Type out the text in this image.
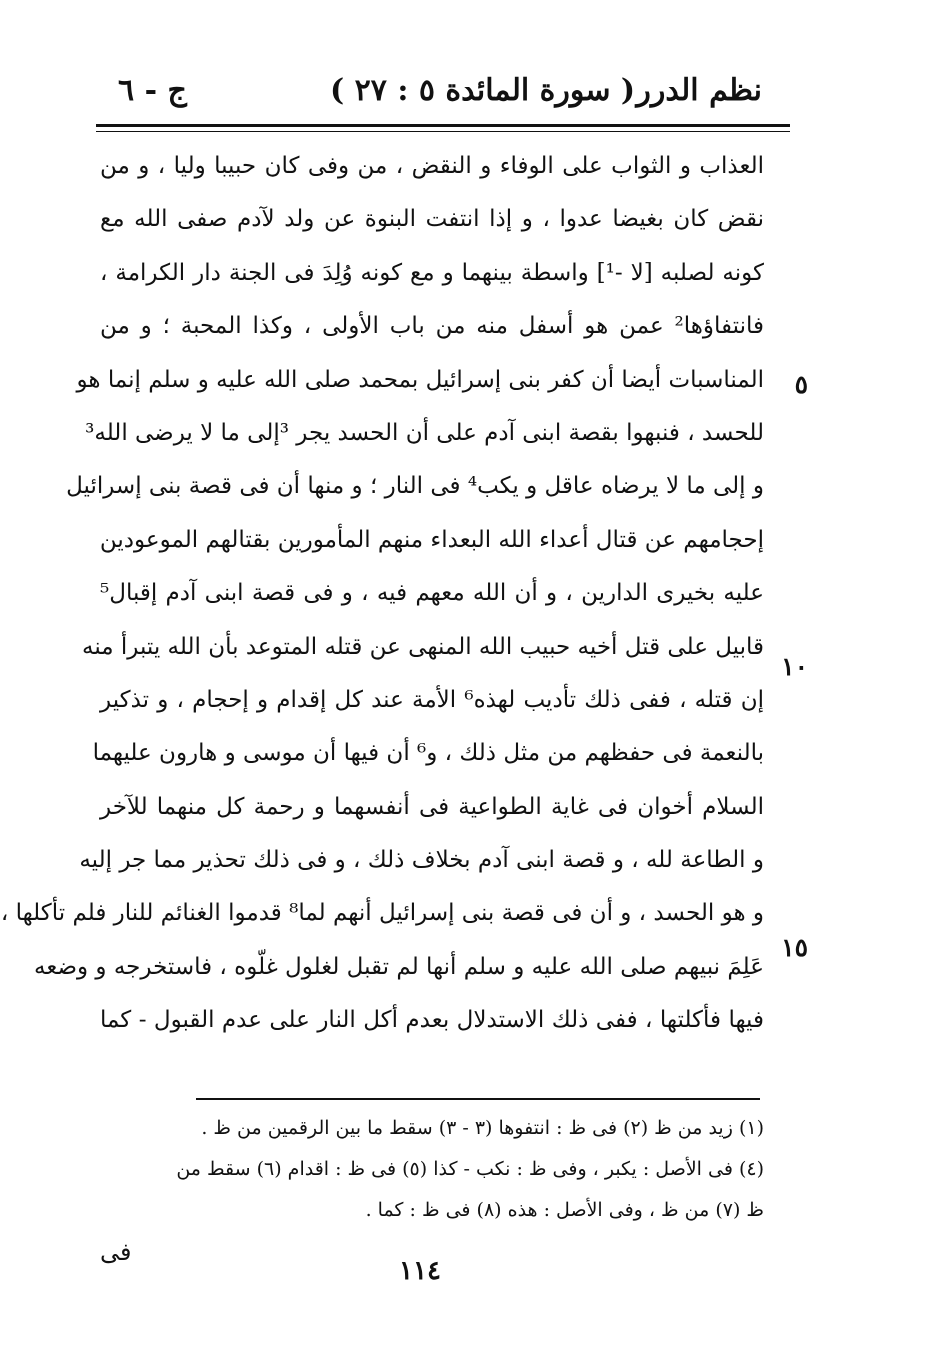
نظم الدرر
( سورة المائدة ٥ : ٢٧ )
ج - ٦
العذاب و الثواب على الوفاء و النقض ، من وفى كان حبيبا وليا ، و من
نقض كان بغيضا عدوا ، و إذا انتفت البنوة عن ولد لآدم صفى الله مع
كونه لصلبه [لا -¹] واسطة بينهما و مع كونه وُلِدَ فى الجنة دار الكرامة ،
فانتفاؤها² عمن هو أسفل منه من باب الأولى ، وكذا المحبة ؛ و من
المناسبات أيضا أن كفر بنى إسرائيل بمحمد صلى الله عليه و سلم إنما هو
للحسد ، فنبهوا بقصة ابنى آدم على أن الحسد يجر ³إلى ما لا يرضى الله³
و إلى ما لا يرضاه عاقل و يكب⁴ فى النار ؛ و منها أن فى قصة بنى إسرائيل
إحجامهم عن قتال أعداء الله البعداء منهم المأمورين بقتالهم الموعودين
عليه بخيرى الدارين ، و أن الله معهم فيه ، و فى قصة ابنى آدم إقبال⁵
قابيل على قتل أخيه حبيب الله المنهى عن قتله المتوعد بأن الله يتبرأ منه
إن قتله ، ففى ذلك تأديب لهذه⁶ الأمة عند كل إقدام و إحجام ، و تذكير
بالنعمة فى حفظهم من مثل ذلك ، و⁶ أن فيها أن موسى و هارون عليهما
السلام أخوان فى غاية الطواعية فى أنفسهما و رحمة كل منهما للآخر
و الطاعة لله ، و قصة ابنى آدم بخلاف ذلك ، و فى ذلك تحذير مما جر إليه
و هو الحسد ، و أن فى قصة بنى إسرائيل أنهم لما⁸ قدموا الغنائم للنار فلم تأكلها ،
عَلِمَ نبيهم صلى الله عليه و سلم أنها لم تقبل لغلول غلّوه ، فاستخرجه و وضعه
فيها فأكلتها ، ففى ذلك الاستدلال بعدم أكل النار على عدم القبول - كما
٥
١٠
١٥
(١) زيد من ظ (٢) فى ظ : انتفوها (٣ - ٣) سقط ما بين الرقمين من ظ .
(٤) فى الأصل : يكبر ، وفى ظ : نكب - كذا (٥) فى ظ : اقدام (٦) سقط من
ظ (٧) من ظ ، وفى الأصل : هذه (٨) فى ظ : كما .
١١٤
فى
